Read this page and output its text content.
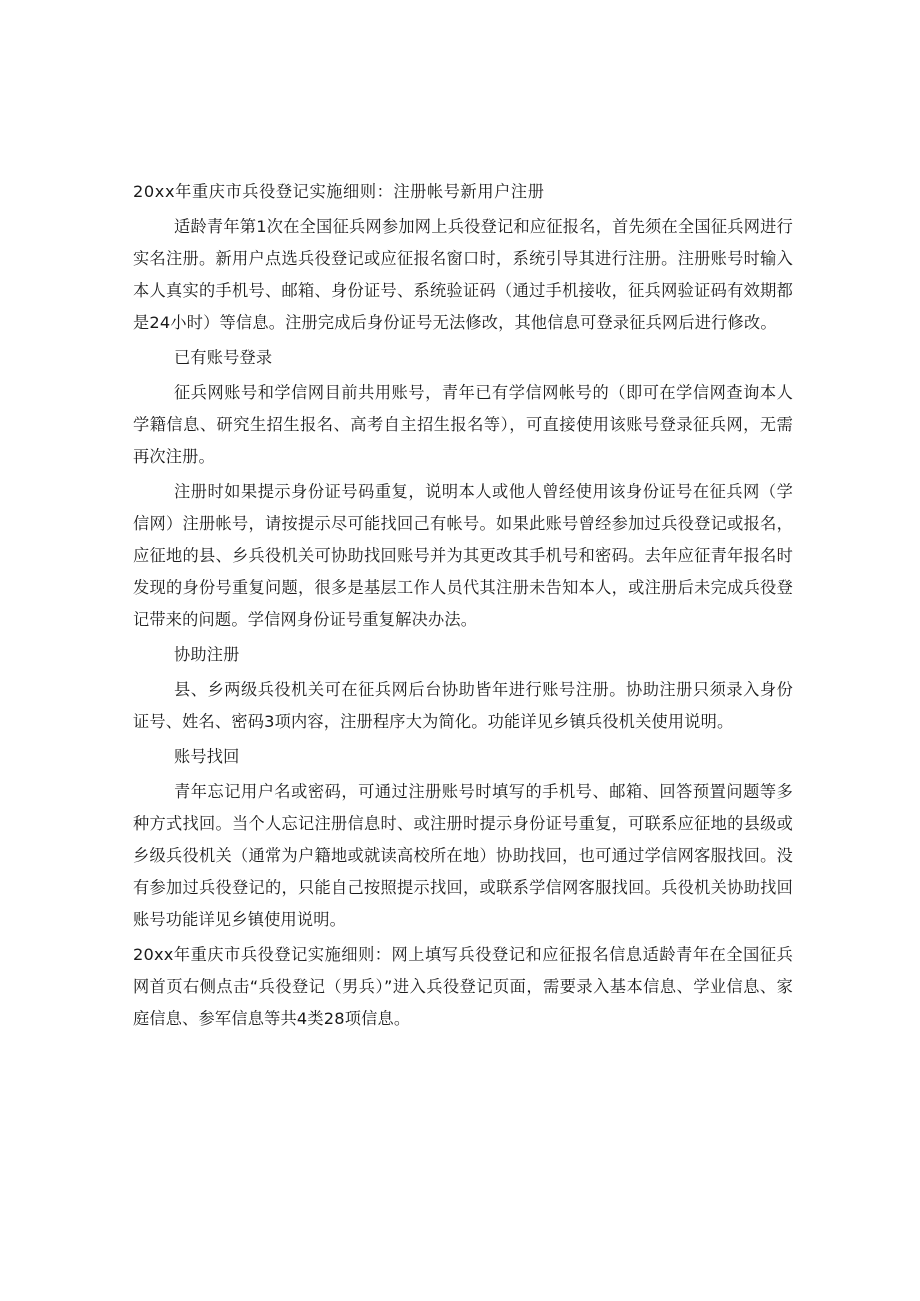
20xx年重庆市兵役登记实施细则：注册帐号新用户注册

适龄青年第1次在全国征兵网参加网上兵役登记和应征报名，首先须在全国征兵网进行实名注册。新用户点选兵役登记或应征报名窗口时，系统引导其进行注册。注册账号时输入本人真实的手机号、邮箱、身份证号、系统验证码（通过手机接收，征兵网验证码有效期都是24小时）等信息。注册完成后身份证号无法修改，其他信息可登录征兵网后进行修改。

已有账号登录

征兵网账号和学信网目前共用账号，青年已有学信网帐号的（即可在学信网查询本人学籍信息、研究生招生报名、高考自主招生报名等），可直接使用该账号登录征兵网，无需再次注册。

注册时如果提示身份证号码重复，说明本人或他人曾经使用该身份证号在征兵网（学信网）注册帐号，请按提示尽可能找回己有帐号。如果此账号曾经参加过兵役登记或报名，应征地的县、乡兵役机关可协助找回账号并为其更改其手机号和密码。去年应征青年报名时发现的身份号重复问题，很多是基层工作人员代其注册未告知本人，或注册后未完成兵役登记带来的问题。学信网身份证号重复解决办法。

协助注册

县、乡两级兵役机关可在征兵网后台协助皆年进行账号注册。协助注册只须录入身份证号、姓名、密码3项内容，注册程序大为简化。功能详见乡镇兵役机关使用说明。

账号找回

青年忘记用户名或密码，可通过注册账号时填写的手机号、邮箱、回答预置问题等多种方式找回。当个人忘记注册信息时、或注册时提示身份证号重复，可联系应征地的县级或乡级兵役机关（通常为户籍地或就读高校所在地）协助找回，也可通过学信网客服找回。没有参加过兵役登记的，只能自己按照提示找回，或联系学信网客服找回。兵役机关协助找回账号功能详见乡镇使用说明。

20xx年重庆市兵役登记实施细则：网上填写兵役登记和应征报名信息适龄青年在全国征兵网首页右侧点击“兵役登记（男兵）”进入兵役登记页面，需要录入基本信息、学业信息、家庭信息、参军信息等共4类28项信息。
